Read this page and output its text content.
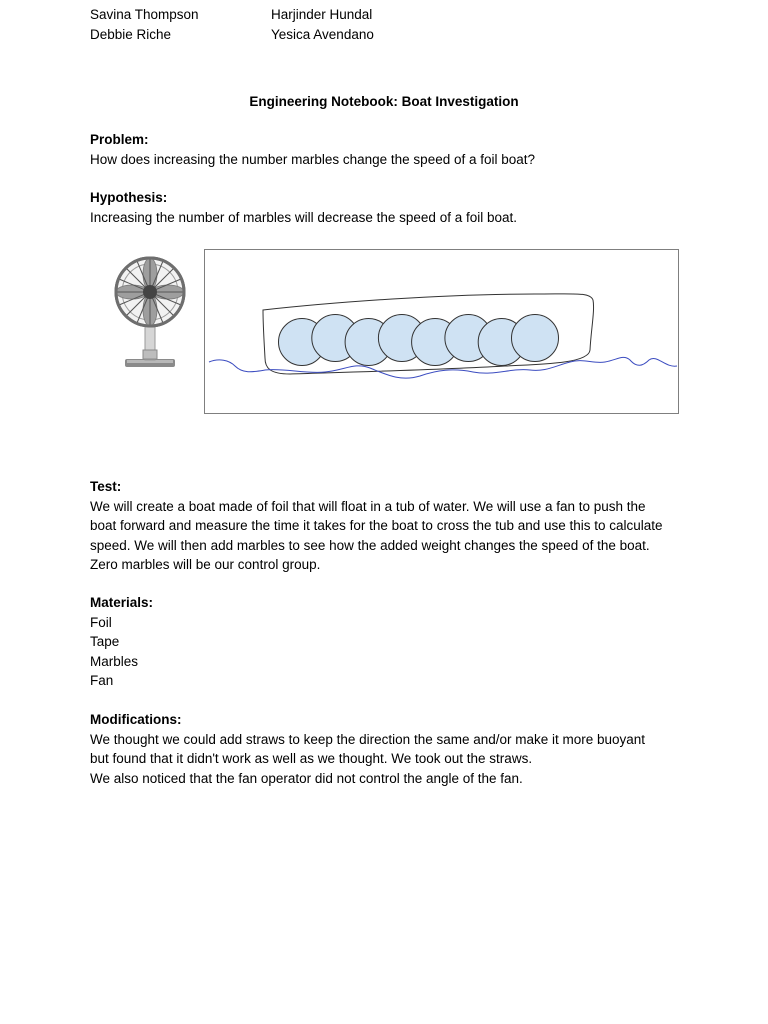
Savina Thompson
Debbie Riche
Harjinder Hundal
Yesica Avendano
Engineering Notebook: Boat Investigation
Problem:
How does increasing the number marbles change the speed of a foil boat?
Hypothesis:
Increasing the number of marbles will decrease the speed of a foil boat.
Test:
We will create a boat made of foil that will float in a tub of water. We will use a fan to push the
boat forward and measure the time it takes for the boat to cross the tub and use this to calculate
speed. We will then add marbles to see how the added weight changes the speed of the boat.
Zero marbles will be our control group.
Materials:
Foil
Tape
Marbles
Fan
Modifications:
We thought we could add straws to keep the direction the same and/or make it more buoyant
but found that it didn't work as well as we thought. We took out the straws.
We also noticed that the fan operator did not control the angle of the fan.
